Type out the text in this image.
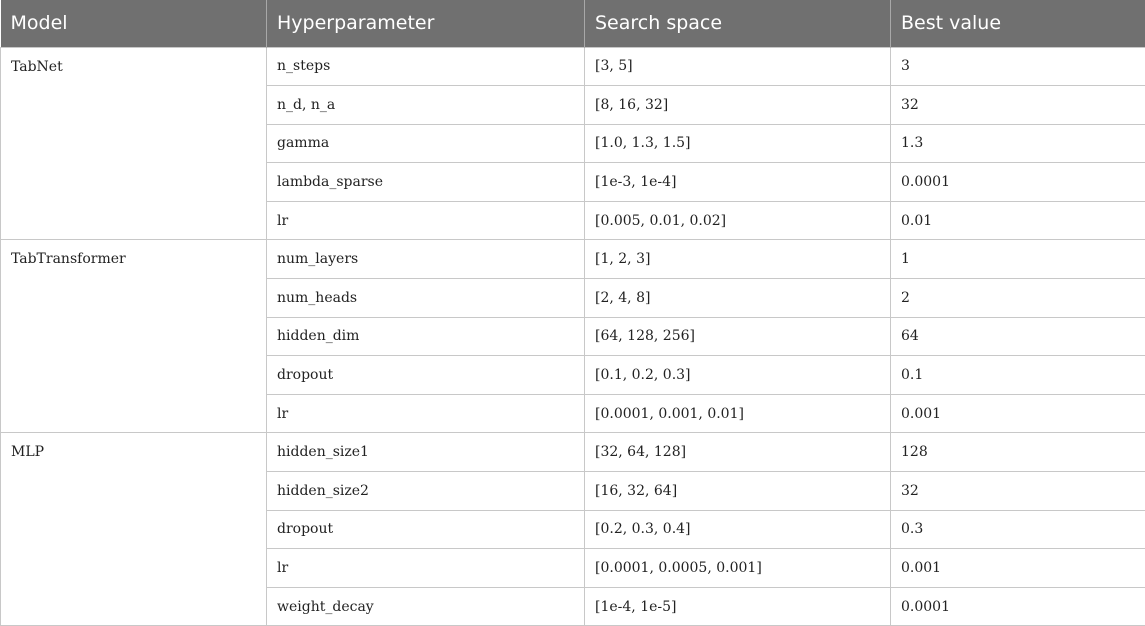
Model	Hyperparameter	Search space	Best value
TabNet	n_steps	[3, 5]	3
	n_d, n_a	[8, 16, 32]	32
	gamma	[1.0, 1.3, 1.5]	1.3
	lambda_sparse	[1e-3, 1e-4]	0.0001
	lr	[0.005, 0.01, 0.02]	0.01
TabTransformer	num_layers	[1, 2, 3]	1
	num_heads	[2, 4, 8]	2
	hidden_dim	[64, 128, 256]	64
	dropout	[0.1, 0.2, 0.3]	0.1
	lr	[0.0001, 0.001, 0.01]	0.001
MLP	hidden_size1	[32, 64, 128]	128
	hidden_size2	[16, 32, 64]	32
	dropout	[0.2, 0.3, 0.4]	0.3
	lr	[0.0001, 0.0005, 0.001]	0.001
	weight_decay	[1e-4, 1e-5]	0.0001
